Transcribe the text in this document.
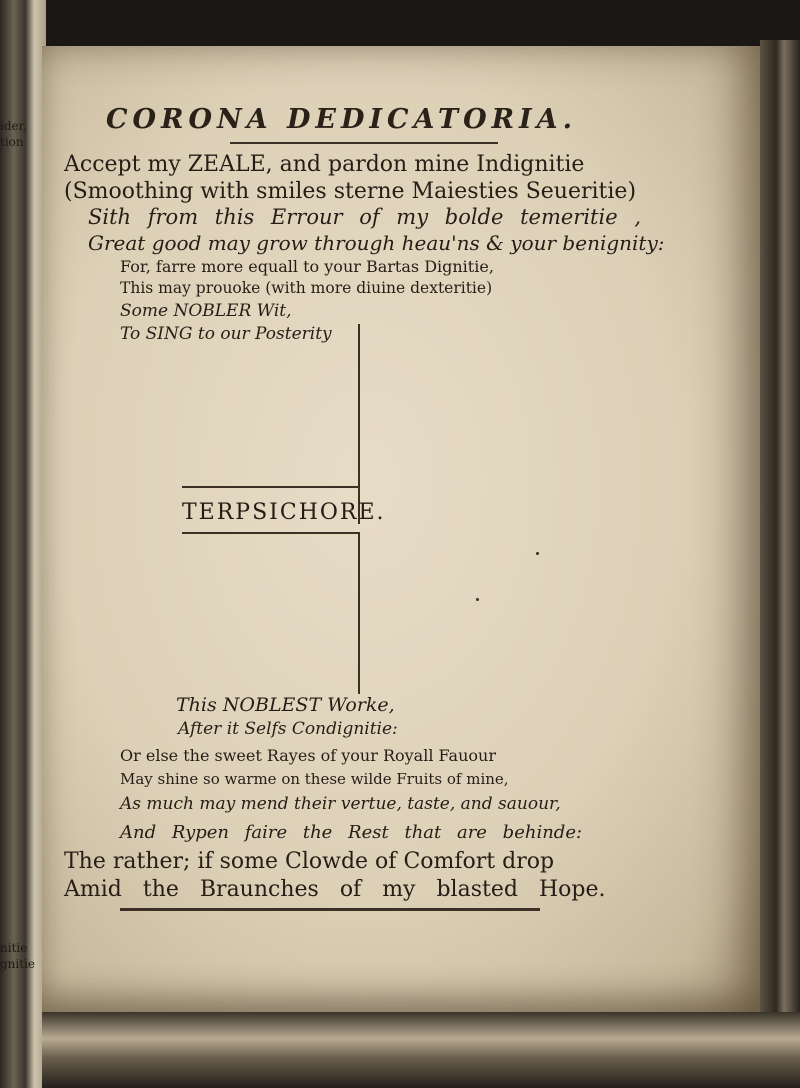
ider,
tion
nitie
gnitie
CORONA DEDICATORIA.
Accept my ZEALE, and pardon mine Indignitie
(Smoothing with smiles sterne Maiesties Seueritie)
Sith from this Errour of my bolde temeritie ,
Great good may grow through heau'ns & your benignity:
For, farre more equall to your Bartas Dignitie,
This may prouoke (with more diuine dexteritie)
Some NOBLER Wit,
To SING to our Posterity
TERPSICHORE.
This NOBLEST Worke,
After it Selfs Condignitie:
Or else the sweet Rayes of your Royall Fauour
May shine so warme on these wilde Fruits of mine,
As much may mend their vertue, taste, and sauour,
And Rypen faire the Rest that are behinde:
The rather; if some Clowde of Comfort drop
Amid the Braunches of my blasted Hope.
